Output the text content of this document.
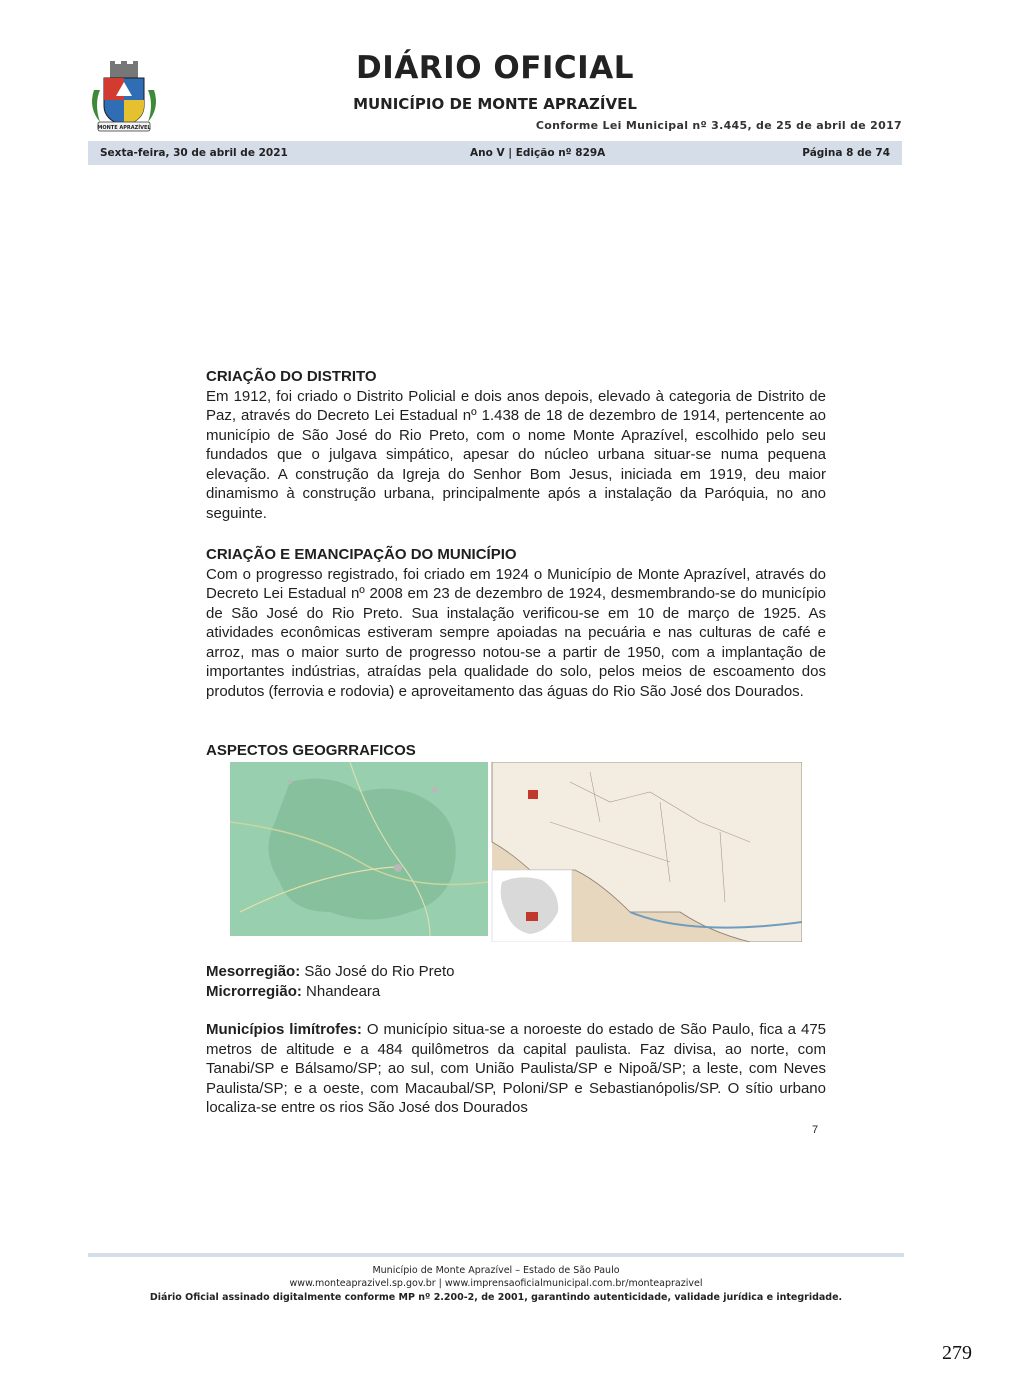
MONTE APRAZÍVEL
DIÁRIO OFICIAL
MUNICÍPIO DE MONTE APRAZÍVEL
Conforme Lei Municipal nº 3.445, de 25 de abril de 2017
Sexta-feira, 30 de abril de 2021	Ano V | Edição nº 829A	Página 8 de 74
CRIAÇÃO DO DISTRITO

Em 1912, foi criado o Distrito Policial e dois anos depois, elevado à categoria de Distrito de Paz, através do Decreto Lei Estadual nº 1.438 de 18 de dezembro de 1914, pertencente ao município de São José do Rio Preto, com o nome Monte Aprazível, escolhido pelo seu fundados que o julgava simpático, apesar do núcleo urbana situar-se numa pequena elevação. A construção da Igreja do Senhor Bom Jesus, iniciada em 1919, deu maior dinamismo à construção urbana, principalmente após a instalação da Paróquia, no ano seguinte.

CRIAÇÃO E EMANCIPAÇÃO DO MUNICÍPIO

Com o progresso registrado, foi criado em 1924 o Município de Monte Aprazível, através do Decreto Lei Estadual nº 2008 em 23 de dezembro de 1924, desmembrando-se do município de São José do Rio Preto. Sua instalação verificou-se em 10 de março de 1925. As atividades econômicas estiveram sempre apoiadas na pecuária e nas culturas de café e arroz, mas o maior surto de progresso notou-se a partir de 1950, com a implantação de importantes indústrias, atraídas pela qualidade do solo, pelos meios de escoamento dos produtos (ferrovia e rodovia) e aproveitamento das águas do Rio São José dos Dourados.

ASPECTOS GEOGRRAFICOS

Mesorregião: São José do Rio Preto

Microrregião: Nhandeara

Municípios limítrofes: O município situa-se a noroeste do estado de São Paulo, fica a 475 metros de altitude e a 484 quilômetros da capital paulista. Faz divisa, ao norte, com Tanabi/SP e Bálsamo/SP; ao sul, com União Paulista/SP e Nipoã/SP; a leste, com Neves Paulista/SP; e a oeste, com Macaubal/SP, Poloni/SP e Sebastianópolis/SP. O sítio urbano localiza-se entre os rios São José dos Dourados

7
Município de Monte Aprazível – Estado de São Paulo
www.monteaprazivel.sp.gov.br | www.imprensaoficialmunicipal.com.br/monteaprazivel
Diário Oficial assinado digitalmente conforme MP nº 2.200-2, de 2001, garantindo autenticidade, validade jurídica e integridade.
279
